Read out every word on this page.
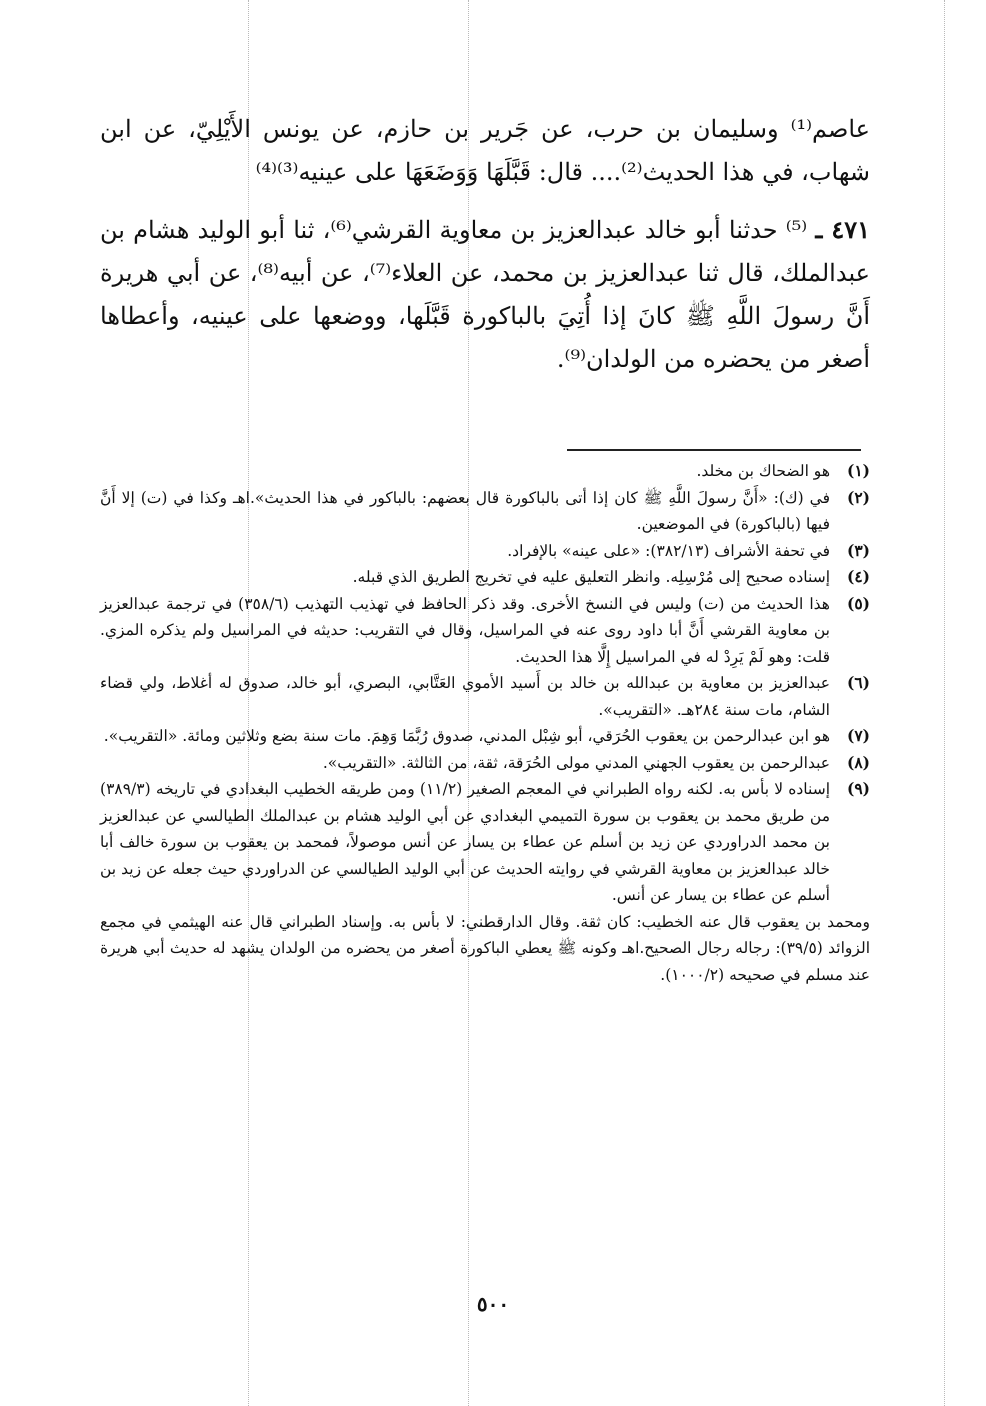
عاصم⁽¹⁾ وسليمان بن حرب، عن جَرير بن حازم، عن يونس الأَيْلِيّ، عن ابن شهاب، في هذا الحديث⁽²⁾.... قال: قَبَّلَهَا وَوَضَعَهَا على عينيه⁽³⁾⁽⁴⁾

٤٧١ ـ ⁽⁵⁾ حدثنا أبو خالد عبدالعزيز بن معاوية القرشي⁽⁶⁾، ثنا أبو الوليد هشام بن عبدالملك، قال ثنا عبدالعزيز بن محمد، عن العلاء⁽⁷⁾، عن أبيه⁽⁸⁾، عن أبي هريرة أَنَّ رسولَ اللَّهِ ﷺ كانَ إذا أُتِيَ بالباكورة قَبَّلَها، ووضعها على عينيه، وأعطاها أصغر من يحضره من الولدان⁽⁹⁾.

(١)
هو الضحاك بن مخلد.
(٢)
في (ك): «أَنَّ رسولَ اللَّهِ ﷺ كان إذا أتى بالباكورة قال بعضهم: بالباكور في هذا الحديث».اهـ وكذا في (ت) إلا أَنَّ فيها (بالباكورة) في الموضعين.
(٣)
في تحفة الأشراف (٣٨٢/١٣): «على عينه» بالإفراد.
(٤)
إسناده صحيح إلى مُرْسِلِه. وانظر التعليق عليه في تخريج الطريق الذي قبله.
(٥)
هذا الحديث من (ت) وليس في النسخ الأخرى. وقد ذكر الحافظ في تهذيب التهذيب (٣٥٨/٦) في ترجمة عبدالعزيز بن معاوية القرشي أَنَّ أبا داود روى عنه في المراسيل، وقال في التقريب: حديثه في المراسيل ولم يذكره المزي. قلت: وهو لَمْ يَرِدْ له في المراسيل إِلَّا هذا الحديث.
(٦)
عبدالعزيز بن معاوية بن عبدالله بن خالد بن أَسيد الأموي العَتَّابي، البصري، أبو خالد، صدوق له أغلاط، ولي قضاء الشام، مات سنة ٢٨٤هـ. «التقريب».
(٧)
هو ابن عبدالرحمن بن يعقوب الحُرَقي، أبو شِبْل المدني، صدوق رُبَّمَا وَهِمَ. مات سنة بضع وثلاثين ومائة. «التقريب».
(٨)
عبدالرحمن بن يعقوب الجهني المدني مولى الحُرَقة، ثقة، من الثالثة. «التقريب».
(٩)
إسناده لا بأس به. لكنه رواه الطبراني في المعجم الصغير (١١/٢) ومن طريقه الخطيب البغدادي في تاريخه (٣٨٩/٣) من طريق محمد بن يعقوب بن سورة التميمي البغدادي عن أبي الوليد هشام بن عبدالملك الطيالسي عن عبدالعزيز بن محمد الدراوردي عن زيد بن أسلم عن عطاء بن يسار عن أنس موصولاً، فمحمد بن يعقوب بن سورة خالف أبا خالد عبدالعزيز بن معاوية القرشي في روايته الحديث عن أبي الوليد الطيالسي عن الدراوردي حيث جعله عن زيد بن أسلم عن عطاء بن يسار عن أنس.

ومحمد بن يعقوب قال عنه الخطيب: كان ثقة. وقال الدارقطني: لا بأس به. وإسناد الطبراني قال عنه الهيثمي في مجمع الزوائد (٣٩/٥): رجاله رجال الصحيح.اهـ وكونه ﷺ يعطي الباكورة أصغر من يحضره من الولدان يشهد له حديث أبي هريرة عند مسلم في صحيحه (١٠٠٠/٢).

٥٠٠
